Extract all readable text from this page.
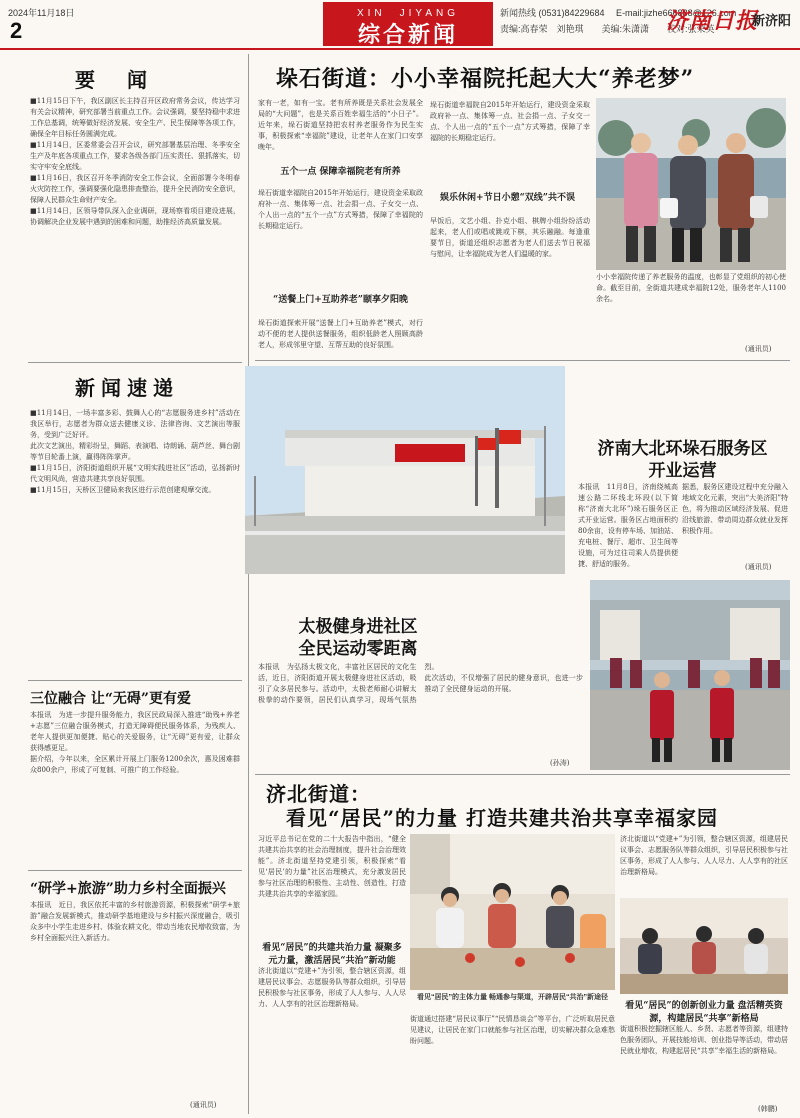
2024年11月18日
2
XIN　JIYANG
综合新闻
新闻热线 (0531)84229684 　E-mail:jizhe666888@126.com
责编:高春荣　刘艳琪　　美编:朱潇潇　　校对:张荣英
济南日报
新济阳
要　闻
■11月15日下午，我区副区长主持召开区政府常务会议，传达学习有关会议精神，研究部署当前重点工作。会议强调，要坚持稳中求进工作总基调，统筹做好经济发展、安全生产、民生保障等各项工作，确保全年目标任务圆满完成。
■11月14日，区委常委会召开会议，研究部署基层治理、冬季安全生产及年底各项重点工作，要求各级各部门压实责任、狠抓落实，切实守牢安全底线。
■11月16日，我区召开冬季消防安全工作会议，全面部署今冬明春火灾防控工作，强调要强化隐患排查整治，提升全民消防安全意识，保障人民群众生命财产安全。
■11月14日，区领导带队深入企业调研，现场察看项目建设进展，协调解决企业发展中遇到的困难和问题，助推经济高质量发展。
新闻速递
■11月14日，一场丰富多彩、鼓舞人心的“志愿服务进乡村”活动在我区举行，志愿者为群众送去健康义诊、法律咨询、文艺演出等服务，受到广泛好评。
此次文艺演出，精彩纷呈，舞蹈、表演唱、诗朗诵、葫芦丝、舞台剧等节目轮番上演，赢得阵阵掌声。
■11月15日，济阳街道组织开展“文明实践进社区”活动，弘扬新时代文明风尚，营造共建共享良好氛围。
■11月15日，天桥区卫健局来我区进行示范创建观摩交流。
三位融合 让“无碍”更有爱
本报讯　为进一步提升服务能力，我区民政局深入推进“助残+养老+志愿”三位融合服务模式，打造无障碍便民服务体系，为残疾人、老年人提供更加便捷、贴心的关爱服务，让“无碍”更有爱，让群众获得感更足。
据介绍，今年以来，全区累计开展上门服务1200余次，惠及困难群众800余户，形成了可复制、可推广的工作经验。
“研学+旅游”助力乡村全面振兴
本报讯　近日，我区依托丰富的乡村旅游资源，积极探索“研学+旅游”融合发展新模式，推动研学基地建设与乡村振兴深度融合，吸引众多中小学生走进乡村、体验农耕文化，带动当地农民增收致富，为乡村全面振兴注入新活力。
(通讯员)
垛石街道：小小幸福院托起大大“养老梦”
家有一老，如有一宝。老有所养既是关系社会发展全局的“大问题”，也是关系百姓幸福生活的“小日子”。近年来，垛石街道坚持把农村养老服务作为民生实事，积极探索“幸福院”建设，让老年人在家门口安享晚年。
五个一点 保障幸福院老有所养
垛石街道幸福院自2015年开始运行，建设资金采取政府补一点、集体筹一点、社会捐一点、子女交一点、个人出一点的“五个一点”方式筹措，保障了幸福院的长期稳定运行。
“送餐上门+互助养老”颐享夕阳晚
垛石街道探索开展“送餐上门+互助养老”模式，对行动不便的老人提供送餐服务，组织低龄老人照顾高龄老人，形成邻里守望、互帮互助的良好氛围。
娱乐休闲+节日小憩“双线”共不误
垛石街道幸福院自2015年开始运行，建设资金采取政府补一点、集体筹一点、社会捐一点、子女交一点、个人出一点的“五个一点”方式筹措，保障了幸福院的长期稳定运行。
早饭后，文艺小组、扑克小组、棋牌小组纷纷活动起来，老人们或唱或跳或下棋，其乐融融。每逢重要节日，街道还组织志愿者为老人们送去节日祝福与慰问，让幸福院成为老人们温暖的家。
小小幸福院传递了养老服务的温度，也彰显了党组织的初心使命。截至目前，全街道共建成幸福院12处，服务老年人1100余名。
(通讯员)
济南大北环垛石服务区
开业运营
本报讯　11月8日，济南绕城高速公路二环线北环段(以下简称“济南大北环”)垛石服务区正式开业运营。服务区占地面积约80余亩，设有停车场、加油站、充电桩、餐厅、超市、卫生间等设施，可为过往司乘人员提供便捷、舒适的服务。
据悉，服务区建设过程中充分融入地域文化元素，突出“大美济阳”特色，将为推动区域经济发展、促进沿线旅游、带动周边群众就业发挥积极作用。
(通讯员)
太极健身进社区
全民运动零距离
本报讯　为弘扬太极文化，丰富社区居民的文化生活，近日，济阳街道开展太极健身进社区活动，吸引了众多居民参与。活动中，太极老师耐心讲解太极拳的动作要领，居民们认真学习，现场气氛热烈。
此次活动，不仅增强了居民的健身意识，也进一步推动了全民健身运动的开展。
(孙涛)
济北街道：
看见“居民”的力量 打造共建共治共享幸福家园
习近平总书记在党的二十大报告中指出，“健全共建共治共享的社会治理制度，提升社会治理效能”。济北街道坚持党建引领，积极探索“看见‘居民’的力量”社区治理模式，充分激发居民参与社区治理的积极性、主动性、创造性，打造共建共治共享的幸福家园。
看见“居民”的共建共治力量 凝聚多元力量，激活居民“共治”新动能
济北街道以“党建+”为引领，整合辖区资源，组建居民议事会、志愿服务队等群众组织，引导居民积极参与社区事务，形成了人人参与、人人尽力、人人享有的社区治理新格局。
看见“居民”的主体力量 畅通参与渠道，开辟居民“共治”新途径
街道通过搭建“居民议事厅”“民情恳谈会”等平台，广泛听取居民意见建议，让居民在家门口就能参与社区治理，切实解决群众急难愁盼问题。
济北街道以“党建+”为引领，整合辖区资源，组建居民议事会、志愿服务队等群众组织，引导居民积极参与社区事务，形成了人人参与、人人尽力、人人享有的社区治理新格局。
看见“居民”的创新创业力量 盘活精英资源，构建居民“共享”新格局
街道积极挖掘辖区能人、乡贤、志愿者等资源，组建特色服务团队，开展技能培训、创业指导等活动，带动居民就业增收，构建起居民“共享”幸福生活的新格局。
(韩鹏)
